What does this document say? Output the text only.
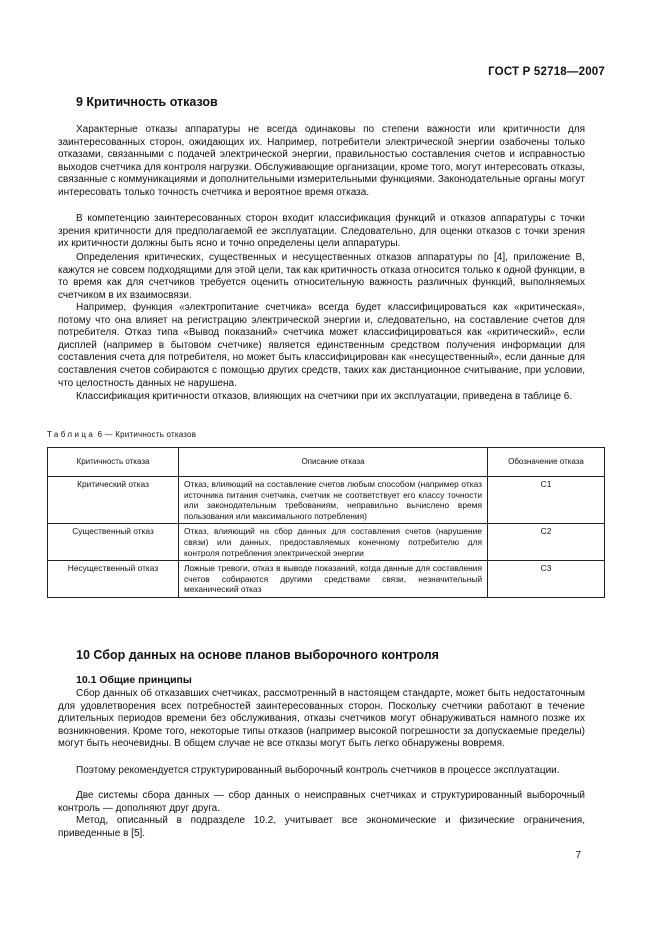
ГОСТ Р 52718—2007
9 Критичность отказов

Характерные отказы аппаратуры не всегда одинаковы по степени важности или критичности для заинтересованных сторон, ожидающих их. Например, потребители электрической энергии озабочены только отказами, связанными с подачей электрической энергии, правильностью составления счетов и исправностью выходов счетчика для контроля нагрузки. Обслуживающие организации, кроме того, могут интересовать отказы, связанные с коммуникациями и дополнительными измерительными функциями. Законодательные органы могут интересовать только точность счетчика и вероятное время отказа.

В компетенцию заинтересованных сторон входит классификация функций и отказов аппаратуры с точки зрения критичности для предполагаемой ее эксплуатации. Следовательно, для оценки отказов с точки зрения их критичности должны быть ясно и точно определены цели аппаратуры.

Определения критических, существенных и несущественных отказов аппаратуры по [4], приложение В, кажутся не совсем подходящими для этой цели, так как критичность отказа относится только к одной функции, в то время как для счетчиков требуется оценить относительную важность различных функций, выполняемых счетчиком в их взаимосвязи.

Например, функция «электропитание счетчика» всегда будет классифицироваться как «критическая», потому что она влияет на регистрацию электрической энергии и, следовательно, на составление счетов для потребителя. Отказ типа «Вывод показаний» счетчика может классифицироваться как «критический», если дисплей (например в бытовом счетчике) является единственным средством получения информации для составления счета для потребителя, но может быть классифицирован как «несущественный», если данные для составления счетов собираются с помощью других средств, таких как дистанционное считывание, при условии, что целостность данных не нарушена.

Классификация критичности отказов, влияющих на счетчики при их эксплуатации, приведена в таблице 6.

Таблица 6 — Критичность отказов
Критичность отказа	Описание отказа	Обозначение отказа
Критический отказ	Отказ, влияющий на составление счетов любым способом (например отказ источника питания счетчика, счетчик не соответствует его классу точности или законодательным требованиям, неправильно вычислено время пользования или максимального потребления)	C1
Существенный отказ	Отказ, влияющий на сбор данных для составления счетов (нарушение связи) или данных, предоставляемых конечному потребителю для контроля потребления электрической энергии	C2
Несущественный отказ	Ложные тревоги, отказ в выводе показаний, когда данные для составления счетов собираются другими средствами связи, незначительный механический отказ	C3
10 Сбор данных на основе планов выборочного контроля
10.1 Общие принципы

Сбор данных об отказавших счетчиках, рассмотренный в настоящем стандарте, может быть недостаточным для удовлетворения всех потребностей заинтересованных сторон. Поскольку счетчики работают в течение длительных периодов времени без обслуживания, отказы счетчиков могут обнаруживаться намного позже их возникновения. Кроме того, некоторые типы отказов (например высокой погрешности за допускаемые пределы) могут быть неочевидны. В общем случае не все отказы могут быть легко обнаружены вовремя.

Поэтому рекомендуется структурированный выборочный контроль счетчиков в процессе эксплуатации.

Две системы сбора данных — сбор данных о неисправных счетчиках и структурированный выборочный контроль — дополняют друг друга.

Метод, описанный в подразделе 10.2, учитывает все экономические и физические ограничения, приведенные в [5].

7
